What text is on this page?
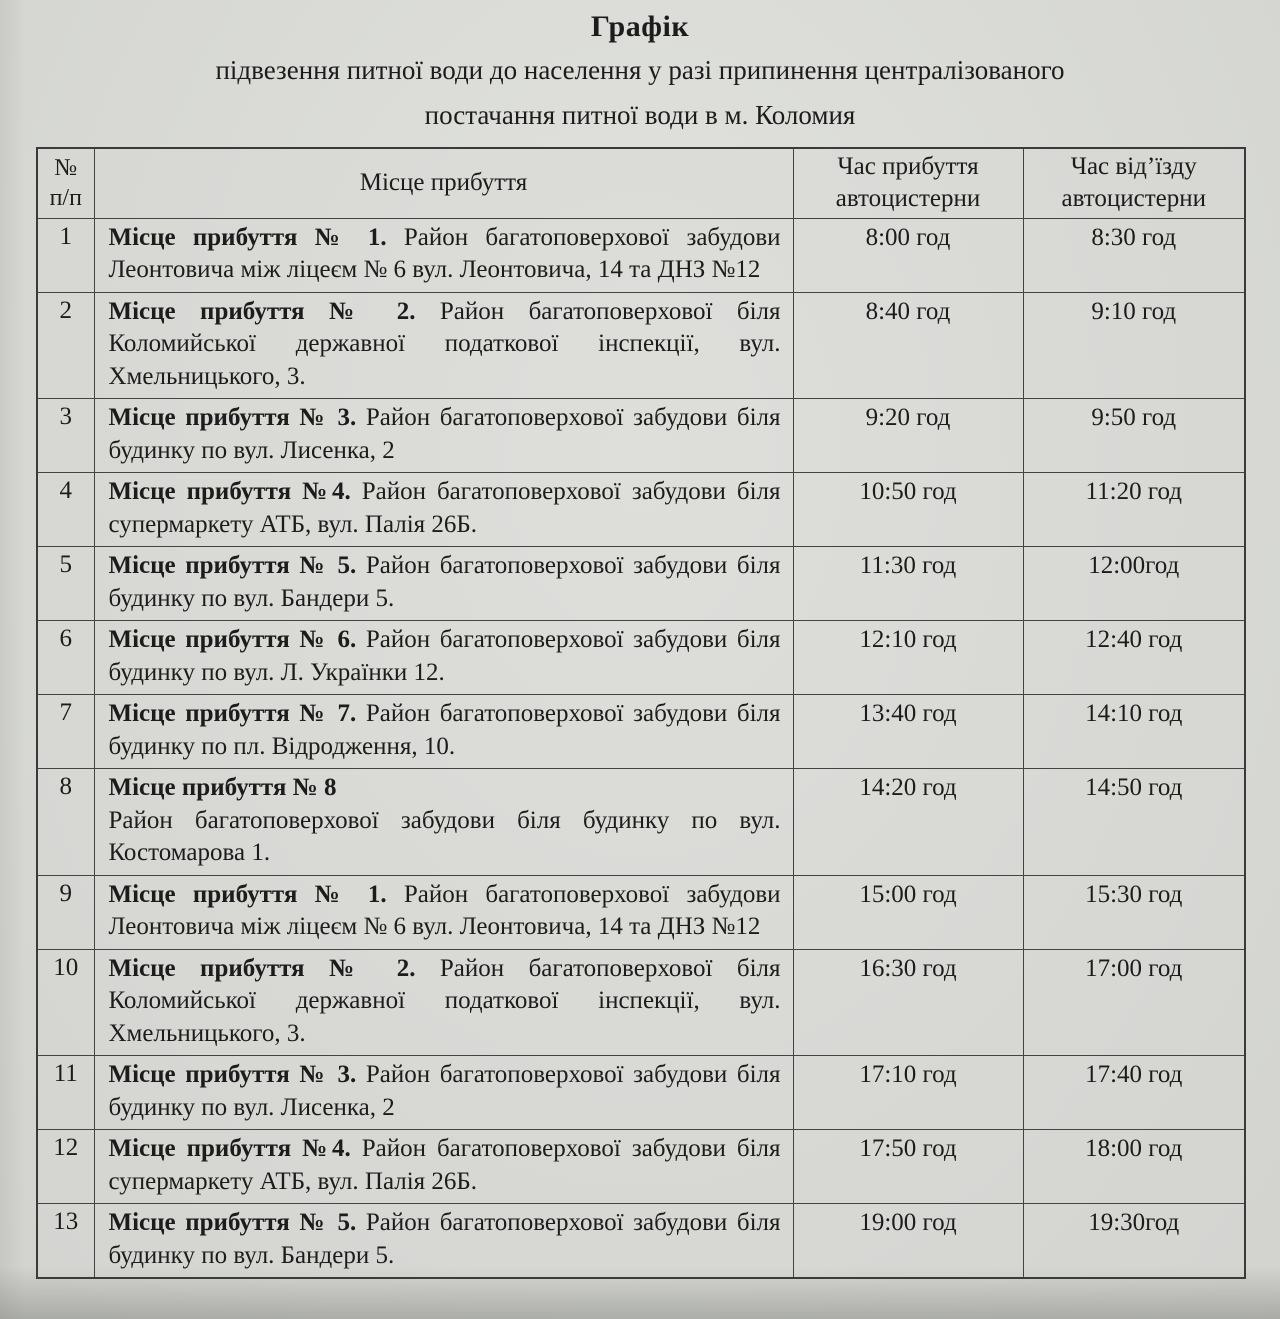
Графік
підвезення питної води до населення у разі припинення централізованого
постачання питної води в м. Коломия
№ п/п	Місце прибуття	Час прибуття автоцистерни	Час від’їзду автоцистерни
1	Місце прибуття № 1. Район багатоповерхової забудови Леонтовича між ліцеєм № 6 вул. Леонтовича, 14 та ДНЗ №12	8:00 год	8:30 год
2	Місце прибуття № 2. Район багатоповерхової біля Коломийської державної податкової інспекції, вул. Хмельницького, 3.	8:40 год	9:10 год
3	Місце прибуття № 3. Район багатоповерхової забудови біля будинку по вул. Лисенка, 2	9:20 год	9:50 год
4	Місце прибуття №4. Район багатоповерхової забудови біля супермаркету АТБ, вул. Палія 26Б.	10:50 год	11:20 год
5	Місце прибуття № 5. Район багатоповерхової забудови біля будинку по вул. Бандери 5.	11:30 год	12:00год
6	Місце прибуття № 6. Район багатоповерхової забудови біля будинку по вул. Л. Українки 12.	12:10 год	12:40 год
7	Місце прибуття № 7. Район багатоповерхової забудови біля будинку по пл. Відродження, 10.	13:40 год	14:10 год
8	Місце прибуття № 8
Район багатоповерхової забудови біля будинку по вул. Костомарова 1.	14:20 год	14:50 год
9	Місце прибуття № 1. Район багатоповерхової забудови Леонтовича між ліцеєм № 6 вул. Леонтовича, 14 та ДНЗ №12	15:00 год	15:30 год
10	Місце прибуття № 2. Район багатоповерхової біля Коломийської державної податкової інспекції, вул. Хмельницького, 3.	16:30 год	17:00 год
11	Місце прибуття № 3. Район багатоповерхової забудови біля будинку по вул. Лисенка, 2	17:10 год	17:40 год
12	Місце прибуття №4. Район багатоповерхової забудови біля супермаркету АТБ, вул. Палія 26Б.	17:50 год	18:00 год
13	Місце прибуття № 5. Район багатоповерхової забудови біля будинку по вул. Бандери 5.	19:00 год	19:30год
